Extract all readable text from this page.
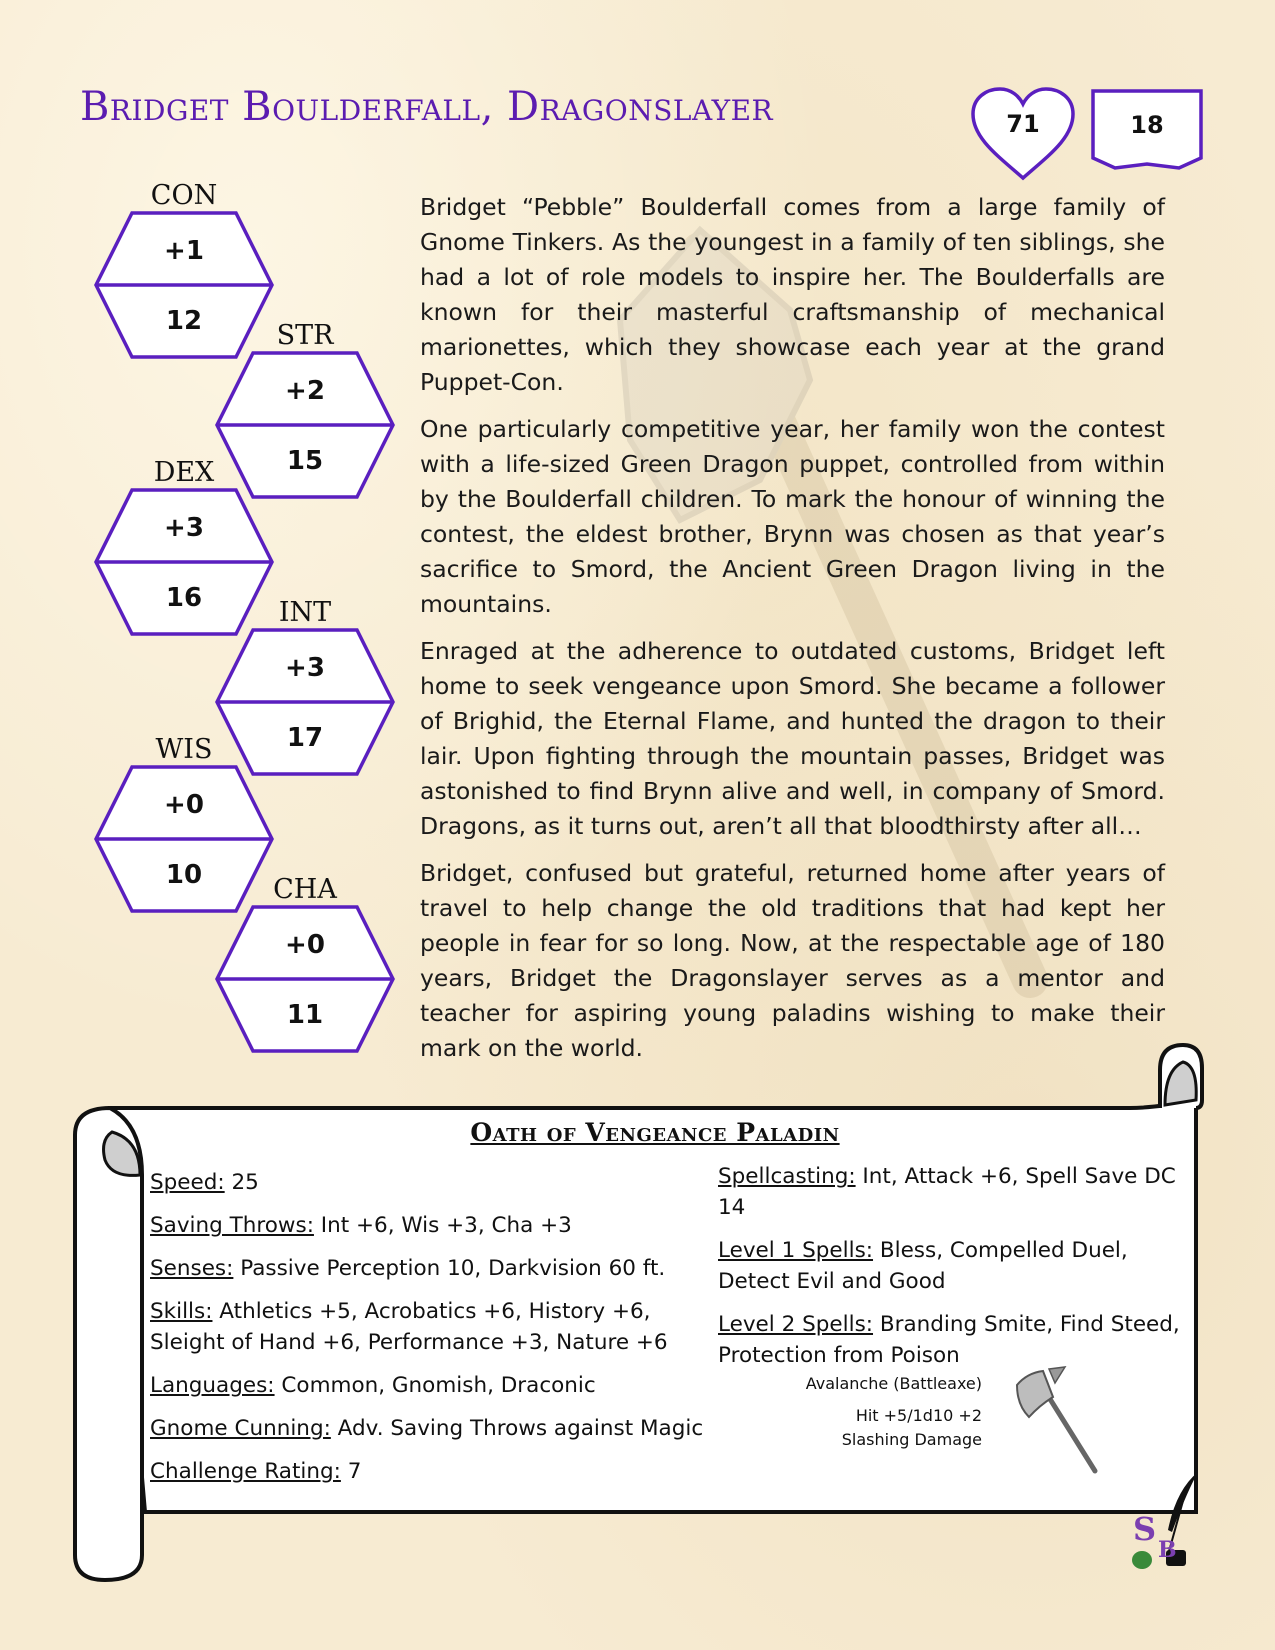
Bridget Boulderfall, Dragonslayer	71	18
CON
+1
12	STR
+2
15
DEX
+3
16	INT
+3
17
WIS
+0
10	CHA
+0
11

Bridget “Pebble” Boulderfall comes from a large family of Gnome Tinkers. As the youngest in a family of ten siblings, she had a lot of role models to inspire her. The Boulderfalls are known for their masterful craftsmanship of mechanical marionettes, which they showcase each year at the grand Puppet-Con.

One particularly competitive year, her family won the contest with a life-sized Green Dragon puppet, controlled from within by the Boulderfall children. To mark the honour of winning the contest, the eldest brother, Brynn was chosen as that year’s sacrifice to Smord, the Ancient Green Dragon living in the mountains.

Enraged at the adherence to outdated customs, Bridget left home to seek vengeance upon Smord. She became a follower of Brighid, the Eternal Flame, and hunted the dragon to their lair. Upon fighting through the mountain passes, Bridget was astonished to find Brynn alive and well, in company of Smord. Dragons, as it turns out, aren’t all that bloodthirsty after all…

Bridget, confused but grateful, returned home after years of travel to help change the old traditions that had kept her people in fear for so long. Now, at the respectable age of 180 years, Bridget the Dragonslayer serves as a mentor and teacher for aspiring young paladins wishing to make their mark on the world.

Oath of Vengeance Paladin
Speed: 25
Saving Throws: Int +6, Wis +3, Cha +3
Senses: Passive Perception 10, Darkvision 60 ft.
Skills: Athletics +5, Acrobatics +6, History +6, Sleight of Hand +6, Performance +3, Nature +6
Languages: Common, Gnomish, Draconic
Gnome Cunning: Adv. Saving Throws against Magic
Challenge Rating: 7
Spellcasting: Int, Attack +6, Spell Save DC 14
Level 1 Spells: Bless, Compelled Duel, Detect Evil and Good
Level 2 Spells: Branding Smite, Find Steed, Protection from Poison
Avalanche (Battleaxe)
Hit +5/1d10 +2
Slashing Damage
S
B
